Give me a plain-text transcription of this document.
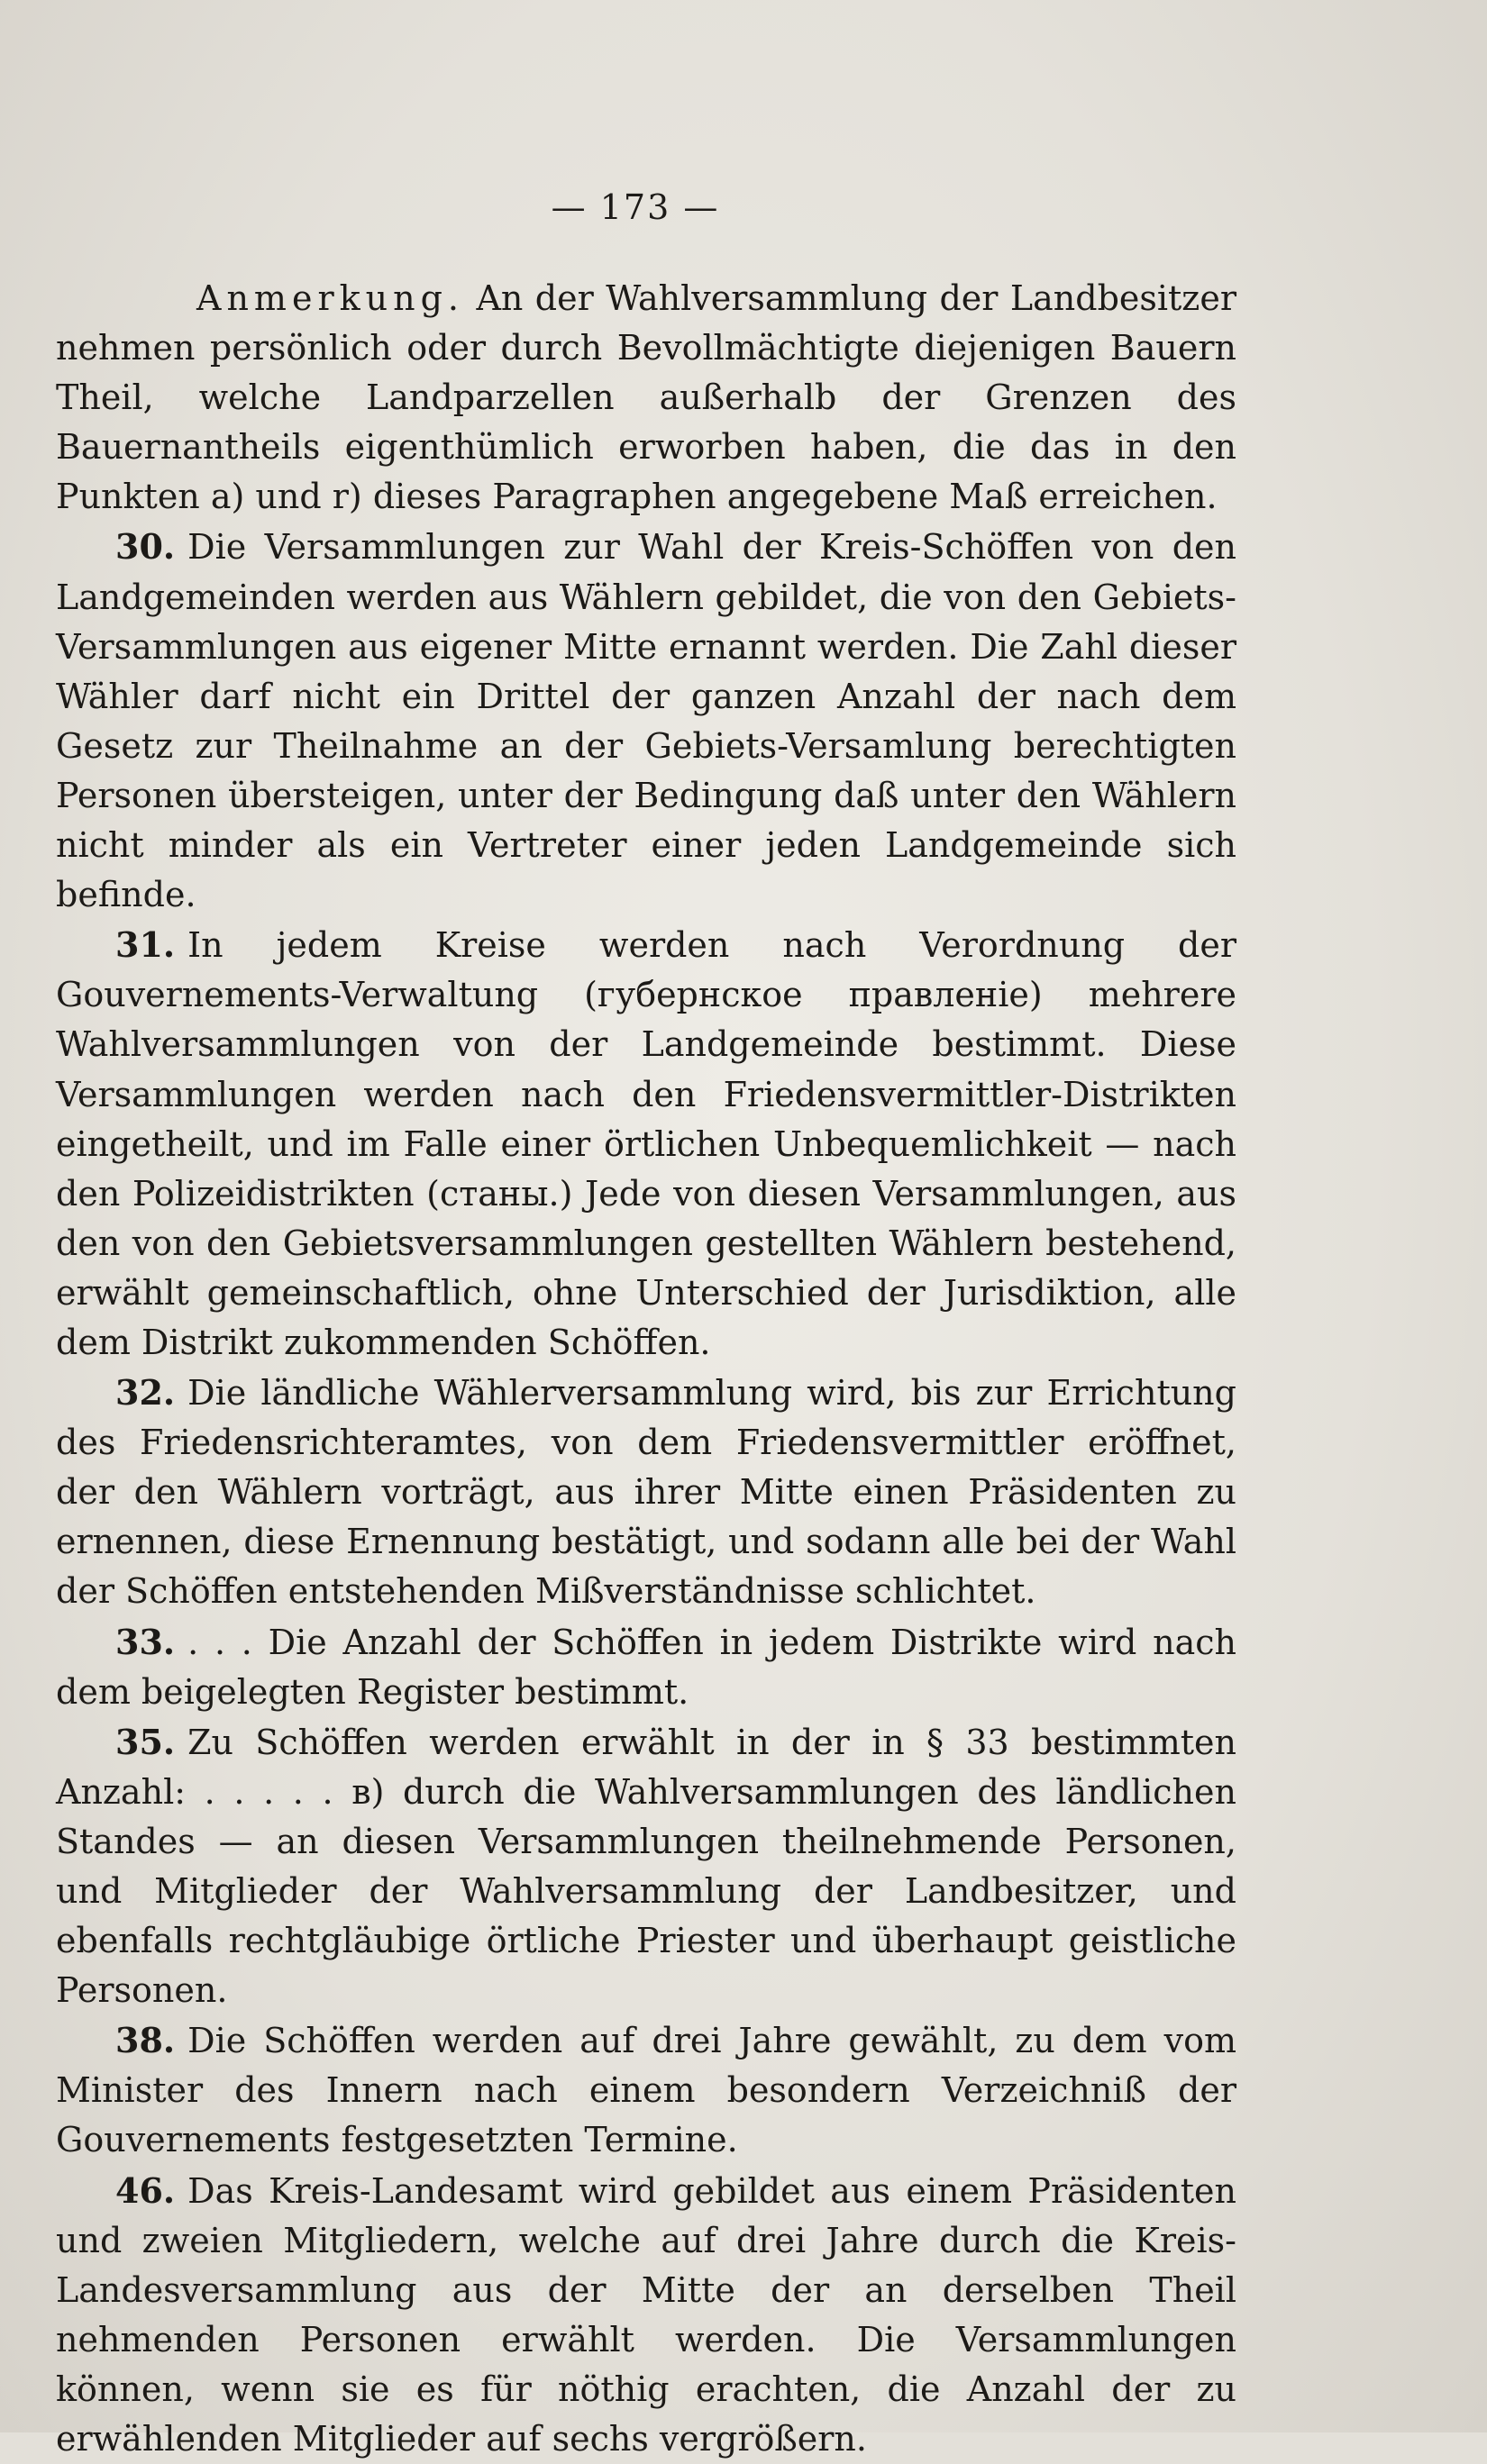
— 173 —

Anmerkung. An der Wahlversammlung der Landbesitzer nehmen persönlich oder durch Bevollmächtigte diejenigen Bauern Theil, welche Landparzellen außerhalb der Grenzen des Bauernantheils eigenthümlich erworben haben, die das in den Punkten a) und r) dieses Paragraphen angegebene Maß erreichen.

30. Die Versammlungen zur Wahl der Kreis-Schöffen von den Landgemeinden werden aus Wählern gebildet, die von den Gebiets-Versammlungen aus eigener Mitte ernannt werden. Die Zahl dieser Wähler darf nicht ein Drittel der ganzen Anzahl der nach dem Gesetz zur Theilnahme an der Gebiets-Versamlung berechtigten Personen übersteigen, unter der Bedingung daß unter den Wählern nicht minder als ein Vertreter einer jeden Landgemeinde sich befinde.

31. In jedem Kreise werden nach Verordnung der Gouvernements-Verwaltung (губернское правленіе) mehrere Wahlversammlungen von der Landgemeinde bestimmt. Diese Versammlungen werden nach den Friedensvermittler-Distrikten eingetheilt, und im Falle einer örtlichen Unbequemlichkeit — nach den Polizeidistrikten (станы.) Jede von diesen Versammlungen, aus den von den Gebietsversammlungen gestellten Wählern bestehend, erwählt gemeinschaftlich, ohne Unterschied der Jurisdiktion, alle dem Distrikt zukommenden Schöffen.

32. Die ländliche Wählerversammlung wird, bis zur Errichtung des Friedensrichteramtes, von dem Friedensvermittler eröffnet, der den Wählern vorträgt, aus ihrer Mitte einen Präsidenten zu ernennen, diese Ernennung bestätigt, und sodann alle bei der Wahl der Schöffen entstehenden Mißverständnisse schlichtet.

33. . . . Die Anzahl der Schöffen in jedem Distrikte wird nach dem beigelegten Register bestimmt.

35. Zu Schöffen werden erwählt in der in § 33 bestimmten Anzahl: . . . . . в) durch die Wahlversammlungen des ländlichen Standes — an diesen Versammlungen theilnehmende Personen, und Mitglieder der Wahlversammlung der Landbesitzer, und ebenfalls rechtgläubige örtliche Priester und überhaupt geistliche Personen.

38. Die Schöffen werden auf drei Jahre gewählt, zu dem vom Minister des Innern nach einem besondern Verzeichniß der Gouvernements festgesetzten Termine.

46. Das Kreis-Landesamt wird gebildet aus einem Präsidenten und zweien Mitgliedern, welche auf drei Jahre durch die Kreis-Landesversammlung aus der Mitte der an derselben Theil nehmenden Personen erwählt werden. Die Versammlungen können, wenn sie es für nöthig erachten, die Anzahl der zu erwählenden Mitglieder auf sechs vergrößern.
